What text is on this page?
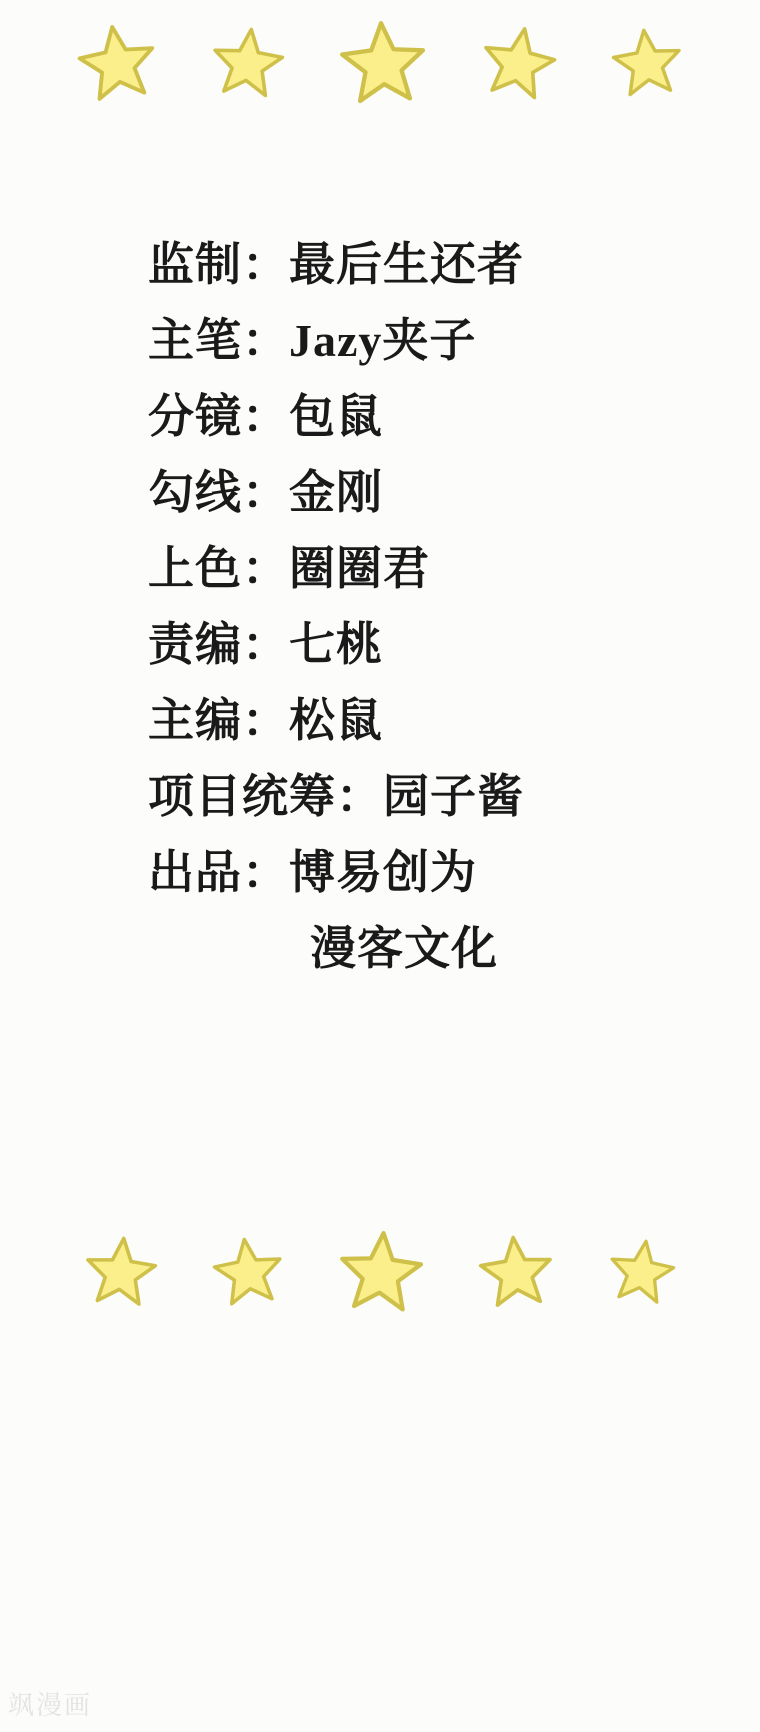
监制： 最后生还者
主笔： Jazy夹子
分镜： 包鼠
勾线： 金刚
上色： 圈圈君
责编： 七桃
主编： 松鼠
项目统筹： 园子酱
出品： 博易创为
漫客文化
飒漫画
